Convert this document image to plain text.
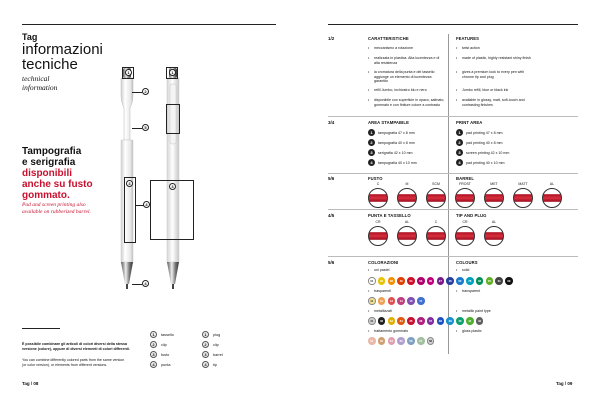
Tag
informazioni
tecniche
technical
information
Tampografia
e serigrafia
disponibili
anche su fusto
gommato.
Pad and screen printing also
available on rubberized barrel.
1
3
4
2
5
4
1
3
È possibile combinare gli articoli di colori diversi della stessa
versione (colore), oppure di diversi elementi di colori differenti.
You can combine differently colored parts from the same version
(or color version), or elements from different versions.
1	tassello	1	plug
2	clip	2	clip
3	fusto	3	barrel
4	punta	4	tip
Tag / 08
1/2
3/4
5/6
4/5
5/6
CARATTERISTICHE
• meccanismo a rotazione
• realizzata in plastica. Alta lucentezza e di alta resistenza
• la cromatura della punta e del tassello aggiunge un elemento di lucentezza garantito
• refill Jumbo, inchiostro blu e nero
• disponibile con superficie in opaco, satinato, gommato e con finiture colore a contrasto
FEATURES
• twist action
• made of plastic, highly resistant shiny finish
• gives a premium look to every pen with chrome tip and plug
• Jumbo refill, blue or black ink
• available in glossy, matt, soft-touch and contrasting finishes
AREA STAMPABILE
1	tampografia 47 x 8 mm
2	tampografia 40 x 8 mm
3	serigrafia 42 x 10 mm
4	tampografia 40 x 10 mm
PRINT AREA
1	pad printing 47 x 8 mm
2	pad printing 40 x 8 mm
3	screen printing 42 x 10 mm
4	pad printing 40 x 10 mm
FUSTO	BARREL
C	M	SCM	FROST	MET	MATT	AL
PUNTA E TASSELLO	TIP AND PLUG
CR	AL	C	CR	AL
COLORAZIONI	COLOURS
• uni pastel	• solid
• trasparenti	• transparent
• metallizzati	• metallic paint type
• trattamento gommato	• gloss plastic
01	29	08	49	04	53	96	27	16	02	78	03	06	21	09
11	12	13	14	15	17
31	32	33	34	35	36	37	38	39	40	41	42
51	52	54	55	56	57	58
Tag / 09
